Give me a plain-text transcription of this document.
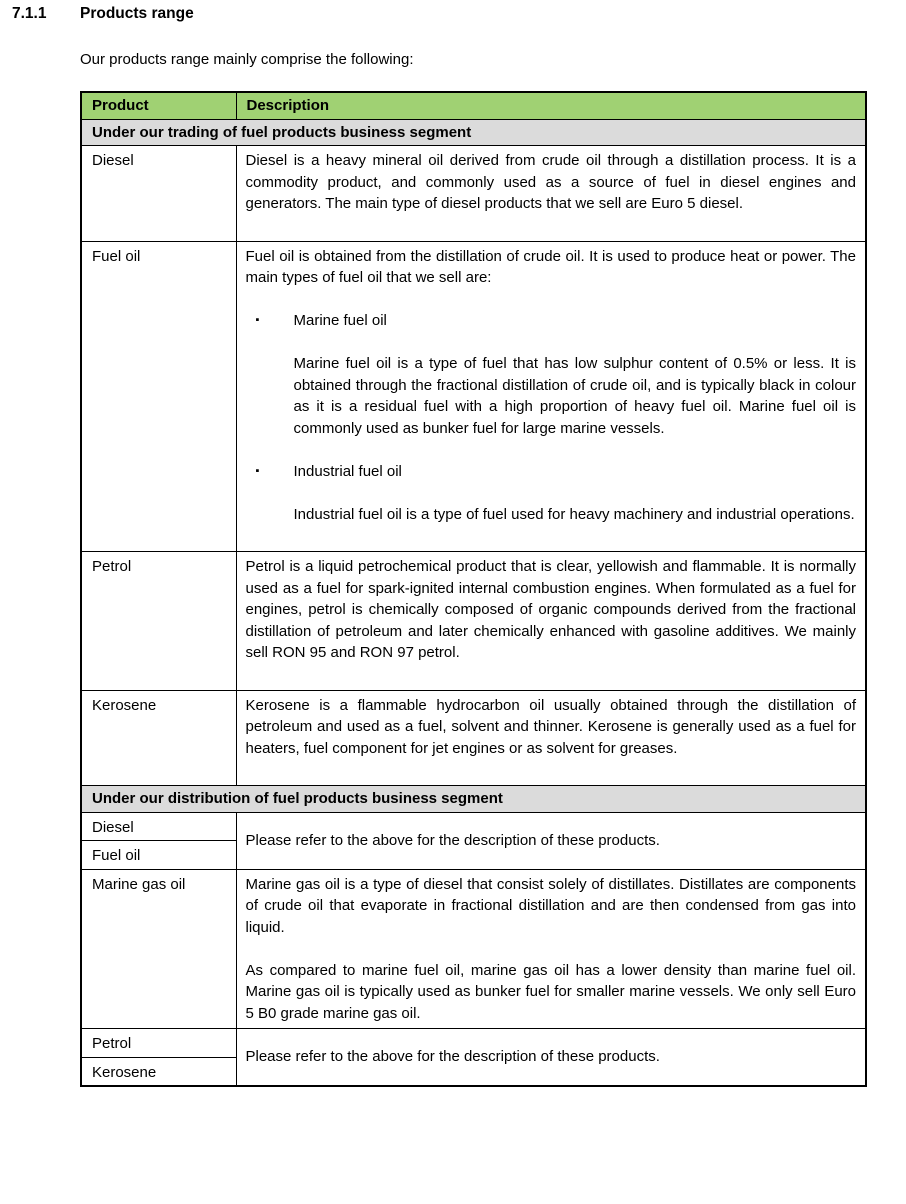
7.1.1	Products range
Our products range mainly comprise the following:
Product	Description
Under our trading of fuel products business segment	
Diesel	Diesel is a heavy mineral oil derived from crude oil through a distillation process. It is a commodity product, and commonly used as a source of fuel in diesel engines and generators. The main type of diesel products that we sell are Euro 5 diesel.

Fuel oil	Fuel oil is obtained from the distillation of crude oil. It is used to produce heat or power. The main types of fuel oil that we sell are:
▪ Marine fuel oil
Marine fuel oil is a type of fuel that has low sulphur content of 0.5% or less. It is obtained through the fractional distillation of crude oil, and is typically black in colour as it is a residual fuel with a high proportion of heavy fuel oil. Marine fuel oil is commonly used as bunker fuel for large marine vessels.
▪ Industrial fuel oil
Industrial fuel oil is a type of fuel used for heavy machinery and industrial operations.

Petrol	Petrol is a liquid petrochemical product that is clear, yellowish and flammable. It is normally used as a fuel for spark-ignited internal combustion engines. When formulated as a fuel for engines, petrol is chemically composed of organic compounds derived from the fractional distillation of petroleum and later chemically enhanced with gasoline additives. We mainly sell RON 95 and RON 97 petrol.

Kerosene	Kerosene is a flammable hydrocarbon oil usually obtained through the distillation of petroleum and used as a fuel, solvent and thinner. Kerosene is generally used as a fuel for heaters, fuel component for jet engines or as solvent for greases.

Under our distribution of fuel products business segment	
Diesel	Please refer to the above for the description of these products.

Fuel oil	
Marine gas oil	Marine gas oil is a type of diesel that consist solely of distillates. Distillates are components of crude oil that evaporate in fractional distillation and are then condensed from gas into liquid.
As compared to marine fuel oil, marine gas oil has a lower density than marine fuel oil. Marine gas oil is typically used as bunker fuel for smaller marine vessels. We only sell Euro 5 B0 grade marine gas oil.

Petrol	Please refer to the above for the description of these products.

Kerosene	
